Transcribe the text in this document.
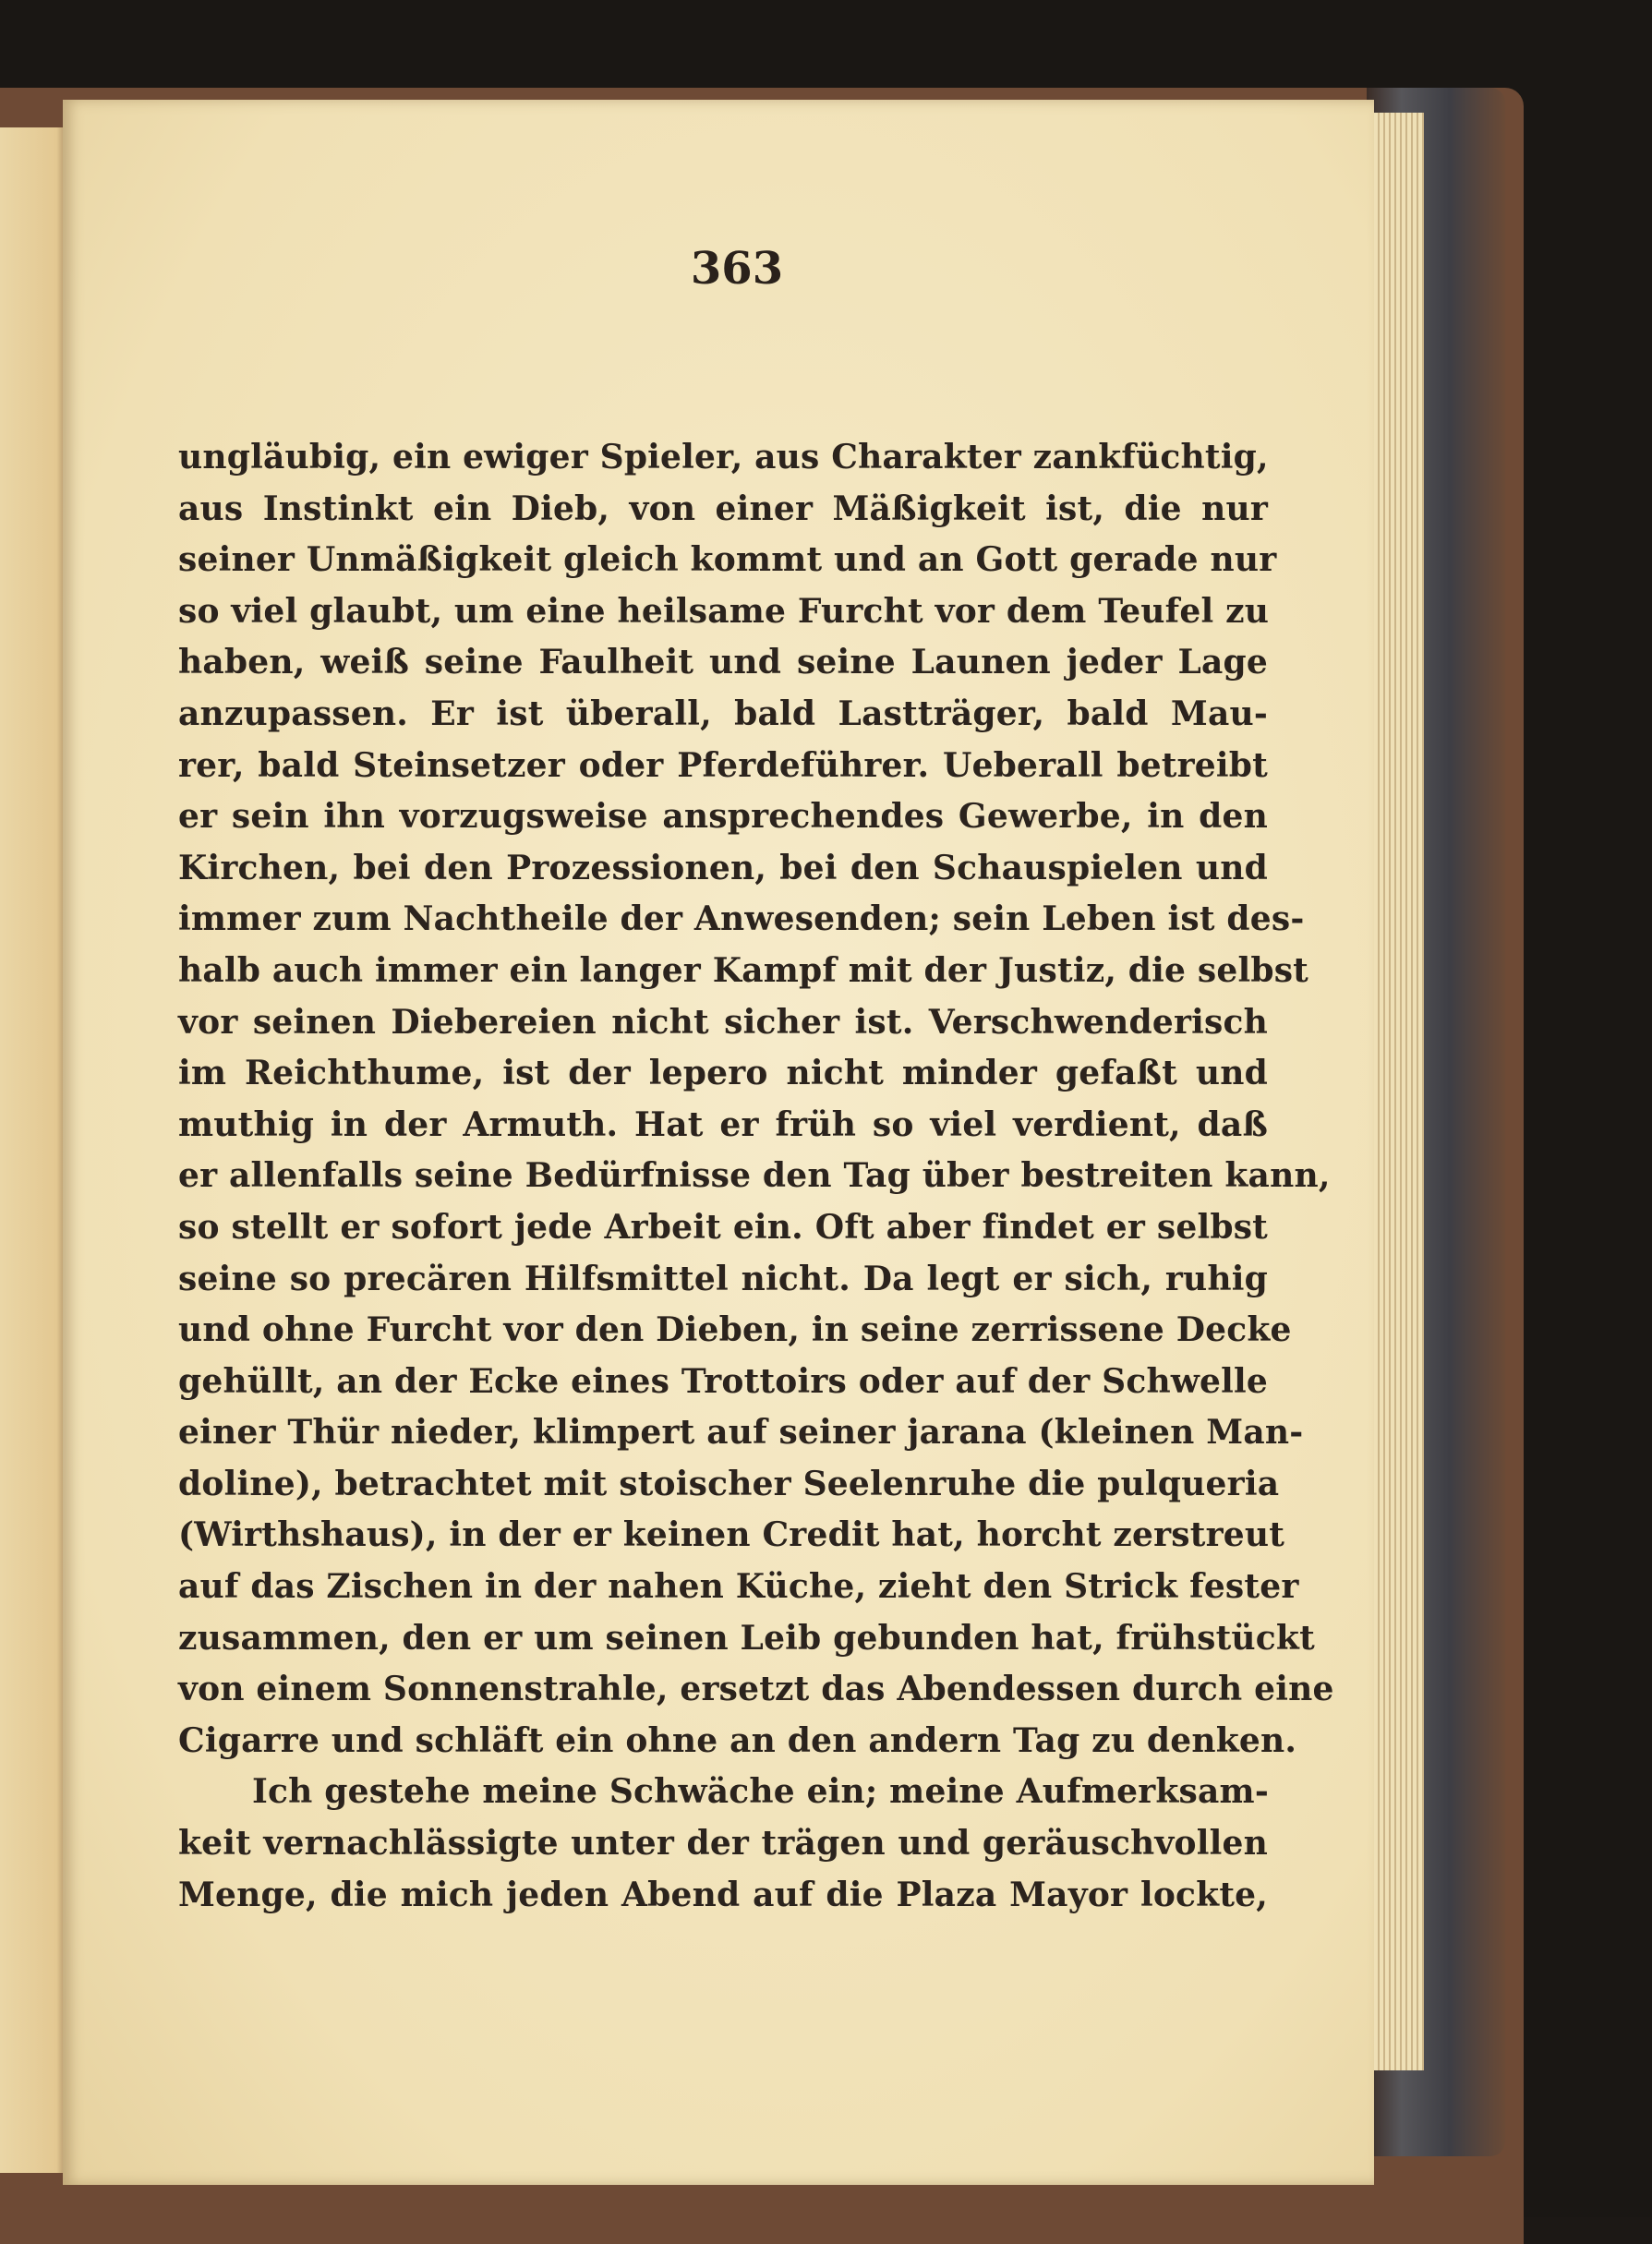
363
ungläubig, ein ewiger Spieler, aus Charakter zankfüchtig,
aus Instinkt ein Dieb, von einer Mäßigkeit ist, die nur
seiner Unmäßigkeit gleich kommt und an Gott gerade nur
so viel glaubt, um eine heilsame Furcht vor dem Teufel zu
haben, weiß seine Faulheit und seine Launen jeder Lage
anzupassen. Er ist überall, bald Lastträger, bald Mau-
rer, bald Steinsetzer oder Pferdeführer. Ueberall betreibt
er sein ihn vorzugsweise ansprechendes Gewerbe, in den
Kirchen, bei den Prozessionen, bei den Schauspielen und
immer zum Nachtheile der Anwesenden; sein Leben ist des-
halb auch immer ein langer Kampf mit der Justiz, die selbst
vor seinen Diebereien nicht sicher ist. Verschwenderisch
im Reichthume, ist der lepero nicht minder gefaßt und
muthig in der Armuth. Hat er früh so viel verdient, daß
er allenfalls seine Bedürfnisse den Tag über bestreiten kann,
so stellt er sofort jede Arbeit ein. Oft aber findet er selbst
seine so precären Hilfsmittel nicht. Da legt er sich, ruhig
und ohne Furcht vor den Dieben, in seine zerrissene Decke
gehüllt, an der Ecke eines Trottoirs oder auf der Schwelle
einer Thür nieder, klimpert auf seiner jarana (kleinen Man-
doline), betrachtet mit stoischer Seelenruhe die pulqueria
(Wirthshaus), in der er keinen Credit hat, horcht zerstreut
auf das Zischen in der nahen Küche, zieht den Strick fester
zusammen, den er um seinen Leib gebunden hat, frühstückt
von einem Sonnenstrahle, ersetzt das Abendessen durch eine
Cigarre und schläft ein ohne an den andern Tag zu denken.
Ich gestehe meine Schwäche ein; meine Aufmerksam-
keit vernachlässigte unter der trägen und geräuschvollen
Menge, die mich jeden Abend auf die Plaza Mayor lockte,
